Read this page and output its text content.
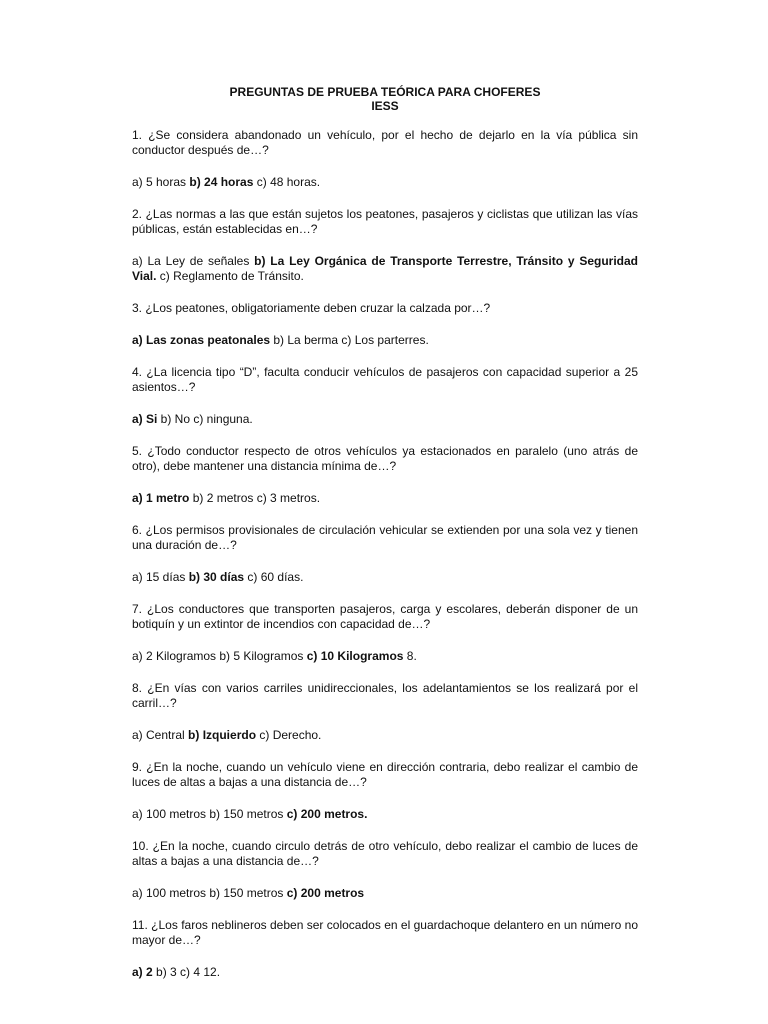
PREGUNTAS DE PRUEBA TEÓRICA PARA CHOFERES
IESS

1. ¿Se considera abandonado un vehículo, por el hecho de dejarlo en la vía pública sin conductor después de…?

a) 5 horas b) 24 horas c) 48 horas.

2. ¿Las normas a las que están sujetos los peatones, pasajeros y ciclistas que utilizan las vías públicas, están establecidas en…?

a) La Ley de señales b) La Ley Orgánica de Transporte Terrestre, Tránsito y Seguridad Vial. c) Reglamento de Tránsito.

3. ¿Los peatones, obligatoriamente deben cruzar la calzada por…?

a) Las zonas peatonales b) La berma c) Los parterres.

4. ¿La licencia tipo “D”, faculta conducir vehículos de pasajeros con capacidad superior a 25 asientos…?

a) Si b) No c) ninguna.

5. ¿Todo conductor respecto de otros vehículos ya estacionados en paralelo (uno atrás de otro), debe mantener una distancia mínima de…?

a) 1 metro b) 2 metros c) 3 metros.

6. ¿Los permisos provisionales de circulación vehicular se extienden por una sola vez y tienen una duración de…?

a) 15 días b) 30 días c) 60 días.

7. ¿Los conductores que transporten pasajeros, carga y escolares, deberán disponer de un botiquín y un extintor de incendios con capacidad de…?

a) 2 Kilogramos b) 5 Kilogramos c) 10 Kilogramos 8.

8. ¿En vías con varios carriles unidireccionales, los adelantamientos se los realizará por el carril…?

a) Central b) Izquierdo c) Derecho.

9. ¿En la noche, cuando un vehículo viene en dirección contraria, debo realizar el cambio de luces de altas a bajas a una distancia de…?

a) 100 metros b) 150 metros c) 200 metros.

10. ¿En la noche, cuando circulo detrás de otro vehículo, debo realizar el cambio de luces de altas a bajas a una distancia de…?

a) 100 metros b) 150 metros c) 200 metros

11. ¿Los faros neblineros deben ser colocados en el guardachoque delantero en un número no mayor de…?

a) 2 b) 3 c) 4 12.
